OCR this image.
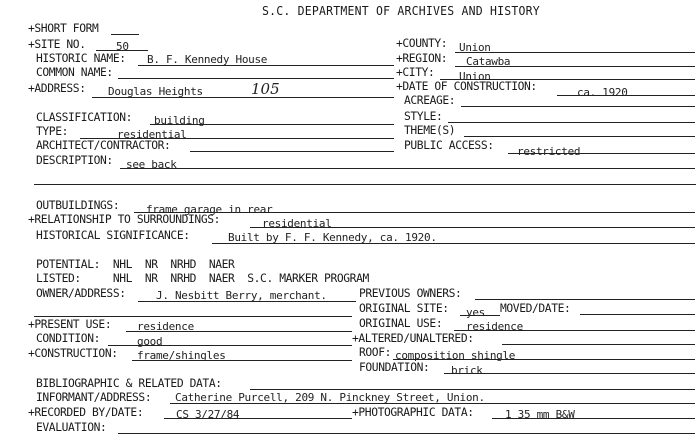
S.C. DEPARTMENT OF ARCHIVES AND HISTORY
+SHORT FORM
+SITE NO.	50	+COUNTY: Union
HISTORIC NAME: B. F. Kennedy House	+REGION: Catawba
COMMON NAME:	+CITY: Union
+ADDRESS: Douglas Heights	105	+DATE OF CONSTRUCTION:	ca. 1920
ACREAGE:
CLASSIFICATION: building	STYLE:
TYPE:	residential	THEME(S)
ARCHITECT/CONTRACTOR:	PUBLIC ACCESS: restricted
DESCRIPTION: see back
OUTBUILDINGS: frame garage in rear
+RELATIONSHIP TO SURROUNDINGS:	residential
HISTORICAL SIGNIFICANCE:	Built by F. F. Kennedy, ca. 1920.
POTENTIAL:  NHL  NR  NRHD  NAER
LISTED:     NHL  NR  NRHD  NAER  S.C. MARKER PROGRAM
OWNER/ADDRESS:	J. Nesbitt Berry, merchant.	PREVIOUS OWNERS:
ORIGINAL SITE: yes MOVED/DATE:
+PRESENT USE: residence	ORIGINAL USE: residence
CONDITION:	good	+ALTERED/UNALTERED:
+CONSTRUCTION: frame/shingles	ROOF: composition shingle
FOUNDATION: brick
BIBLIOGRAPHIC & RELATED DATA:
INFORMANT/ADDRESS: Catherine Purcell, 209 N. Pinckney Street, Union.
+RECORDED BY/DATE:	CS 3/27/84	+PHOTOGRAPHIC DATA:	1 35 mm B&W
EVALUATION:
